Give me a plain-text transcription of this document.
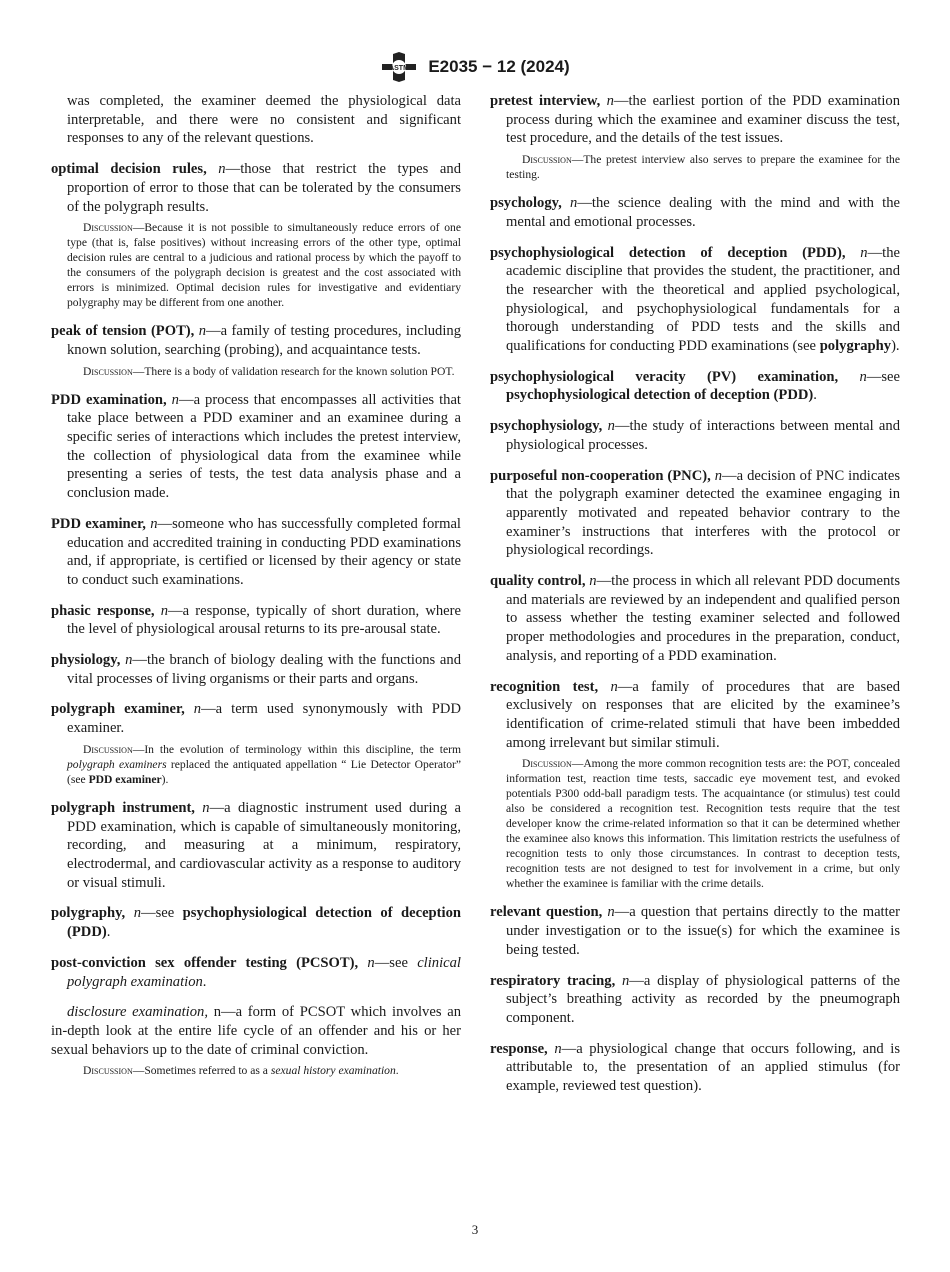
ASTM E2035 − 12 (2024)

was completed, the examiner deemed the physiological data interpretable, and there were no consistent and significant responses to any of the relevant questions.

optimal decision rules, n—those that restrict the types and proportion of error to those that can be tolerated by the consumers of the polygraph results.

Discussion—Because it is not possible to simultaneously reduce errors of one type (that is, false positives) without increasing errors of the other type, optimal decision rules are central to a judicious and rational process by which the payoff to the consumers of the polygraph decision is greatest and the cost associated with errors is minimized. Optimal decision rules for investigative and evidentiary polygraphy may be different from one another.

peak of tension (POT), n—a family of testing procedures, including known solution, searching (probing), and acquaintance tests.

Discussion—There is a body of validation research for the known solution POT.

PDD examination, n—a process that encompasses all activities that take place between a PDD examiner and an examinee during a specific series of interactions which includes the pretest interview, the collection of physiological data from the examinee while presenting a series of tests, the test data analysis phase and a conclusion made.

PDD examiner, n—someone who has successfully completed formal education and accredited training in conducting PDD examinations and, if appropriate, is certified or licensed by their agency or state to conduct such examinations.

phasic response, n—a response, typically of short duration, where the level of physiological arousal returns to its pre-arousal state.

physiology, n—the branch of biology dealing with the functions and vital processes of living organisms or their parts and organs.

polygraph examiner, n—a term used synonymously with PDD examiner.

Discussion—In the evolution of terminology within this discipline, the term polygraph examiners replaced the antiquated appellation “ Lie Detector Operator” (see PDD examiner).

polygraph instrument, n—a diagnostic instrument used during a PDD examination, which is capable of simultaneously monitoring, recording, and measuring at a minimum, respiratory, electrodermal, and cardiovascular activity as a response to auditory or visual stimuli.

polygraphy, n—see psychophysiological detection of deception (PDD).

post-conviction sex offender testing (PCSOT), n—see clinical polygraph examination.

disclosure examination, n—a form of PCSOT which involves an in-depth look at the entire life cycle of an offender and his or her sexual behaviors up to the date of criminal conviction.

Discussion—Sometimes referred to as a sexual history examination.

pretest interview, n—the earliest portion of the PDD examination process during which the examinee and examiner discuss the test, test procedure, and the details of the test issues.

Discussion—The pretest interview also serves to prepare the examinee for the testing.

psychology, n—the science dealing with the mind and with the mental and emotional processes.

psychophysiological detection of deception (PDD), n—the academic discipline that provides the student, the practitioner, and the researcher with the theoretical and applied psychological, physiological, and psychophysiological fundamentals for a thorough understanding of PDD tests and the skills and qualifications for conducting PDD examinations (see polygraphy).

psychophysiological veracity (PV) examination, n—see psychophysiological detection of deception (PDD).

psychophysiology, n—the study of interactions between mental and physiological processes.

purposeful non-cooperation (PNC), n—a decision of PNC indicates that the polygraph examiner detected the examinee engaging in apparently motivated and repeated behavior contrary to the examiner’s instructions that interferes with the protocol or physiological recordings.

quality control, n—the process in which all relevant PDD documents and materials are reviewed by an independent and qualified person to assess whether the testing examiner selected and followed proper methodologies and procedures in the preparation, conduct, analysis, and reporting of a PDD examination.

recognition test, n—a family of procedures that are based exclusively on responses that are elicited by the examinee’s identification of crime-related stimuli that have been imbedded among irrelevant but similar stimuli.

Discussion—Among the more common recognition tests are: the POT, concealed information test, reaction time tests, saccadic eye movement test, and evoked potentials P300 odd-ball paradigm tests. The acquaintance (or stimulus) test could also be considered a recognition test. Recognition tests require that the test developer know the crime-related information so that it can be determined whether the examinee also knows this information. This limitation restricts the usefulness of recognition tests to only those circumstances. In contrast to deception tests, recognition tests are not designed to test for involvement in a crime, but only whether the examinee is familiar with the crime details.

relevant question, n—a question that pertains directly to the matter under investigation or to the issue(s) for which the examinee is being tested.

respiratory tracing, n—a display of physiological patterns of the subject’s breathing activity as recorded by the pneumograph component.

response, n—a physiological change that occurs following, and is attributable to, the presentation of an applied stimulus (for example, reviewed test question).

3
